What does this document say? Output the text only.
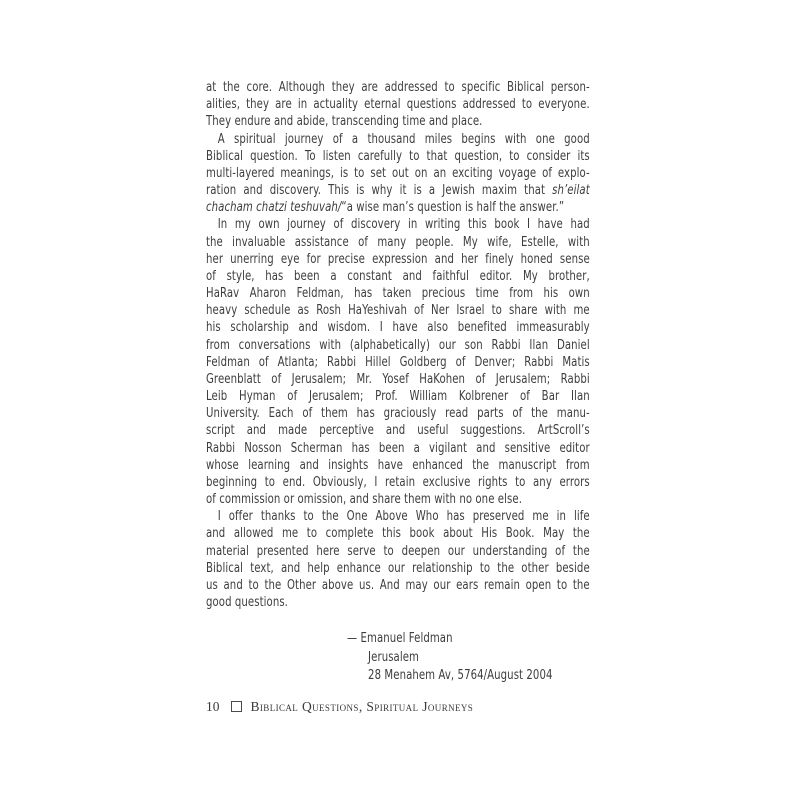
at the core. Although they are addressed to specific Biblical person-
alities, they are in actuality eternal questions addressed to everyone.
They endure and abide, transcending time and place.
A spiritual journey of a thousand miles begins with one good
Biblical question. To listen carefully to that question, to consider its
multi-layered meanings, is to set out on an exciting voyage of explo-
ration and discovery. This is why it is a Jewish maxim that sh’eilat
chacham chatzi teshuvah/“a wise man’s question is half the answer.”
In my own journey of discovery in writing this book I have had
the invaluable assistance of many people. My wife, Estelle, with
her unerring eye for precise expression and her finely honed sense
of style, has been a constant and faithful editor. My brother,
HaRav Aharon Feldman, has taken precious time from his own
heavy schedule as Rosh HaYeshivah of Ner Israel to share with me
his scholarship and wisdom. I have also benefited immeasurably
from conversations with (alphabetically) our son Rabbi Ilan Daniel
Feldman of Atlanta; Rabbi Hillel Goldberg of Denver; Rabbi Matis
Greenblatt of Jerusalem; Mr. Yosef HaKohen of Jerusalem; Rabbi
Leib Hyman of Jerusalem; Prof. William Kolbrener of Bar Ilan
University. Each of them has graciously read parts of the manu-
script and made perceptive and useful suggestions. ArtScroll’s
Rabbi Nosson Scherman has been a vigilant and sensitive editor
whose learning and insights have enhanced the manuscript from
beginning to end. Obviously, I retain exclusive rights to any errors
of commission or omission, and share them with no one else.
I offer thanks to the One Above Who has preserved me in life
and allowed me to complete this book about His Book. May the
material presented here serve to deepen our understanding of the
Biblical text, and help enhance our relationship to the other beside
us and to the Other above us. And may our ears remain open to the
good questions.
— Emanuel Feldman
Jerusalem
28 Menahem Av, 5764/August 2004
10 Biblical Questions, Spiritual Journeys
